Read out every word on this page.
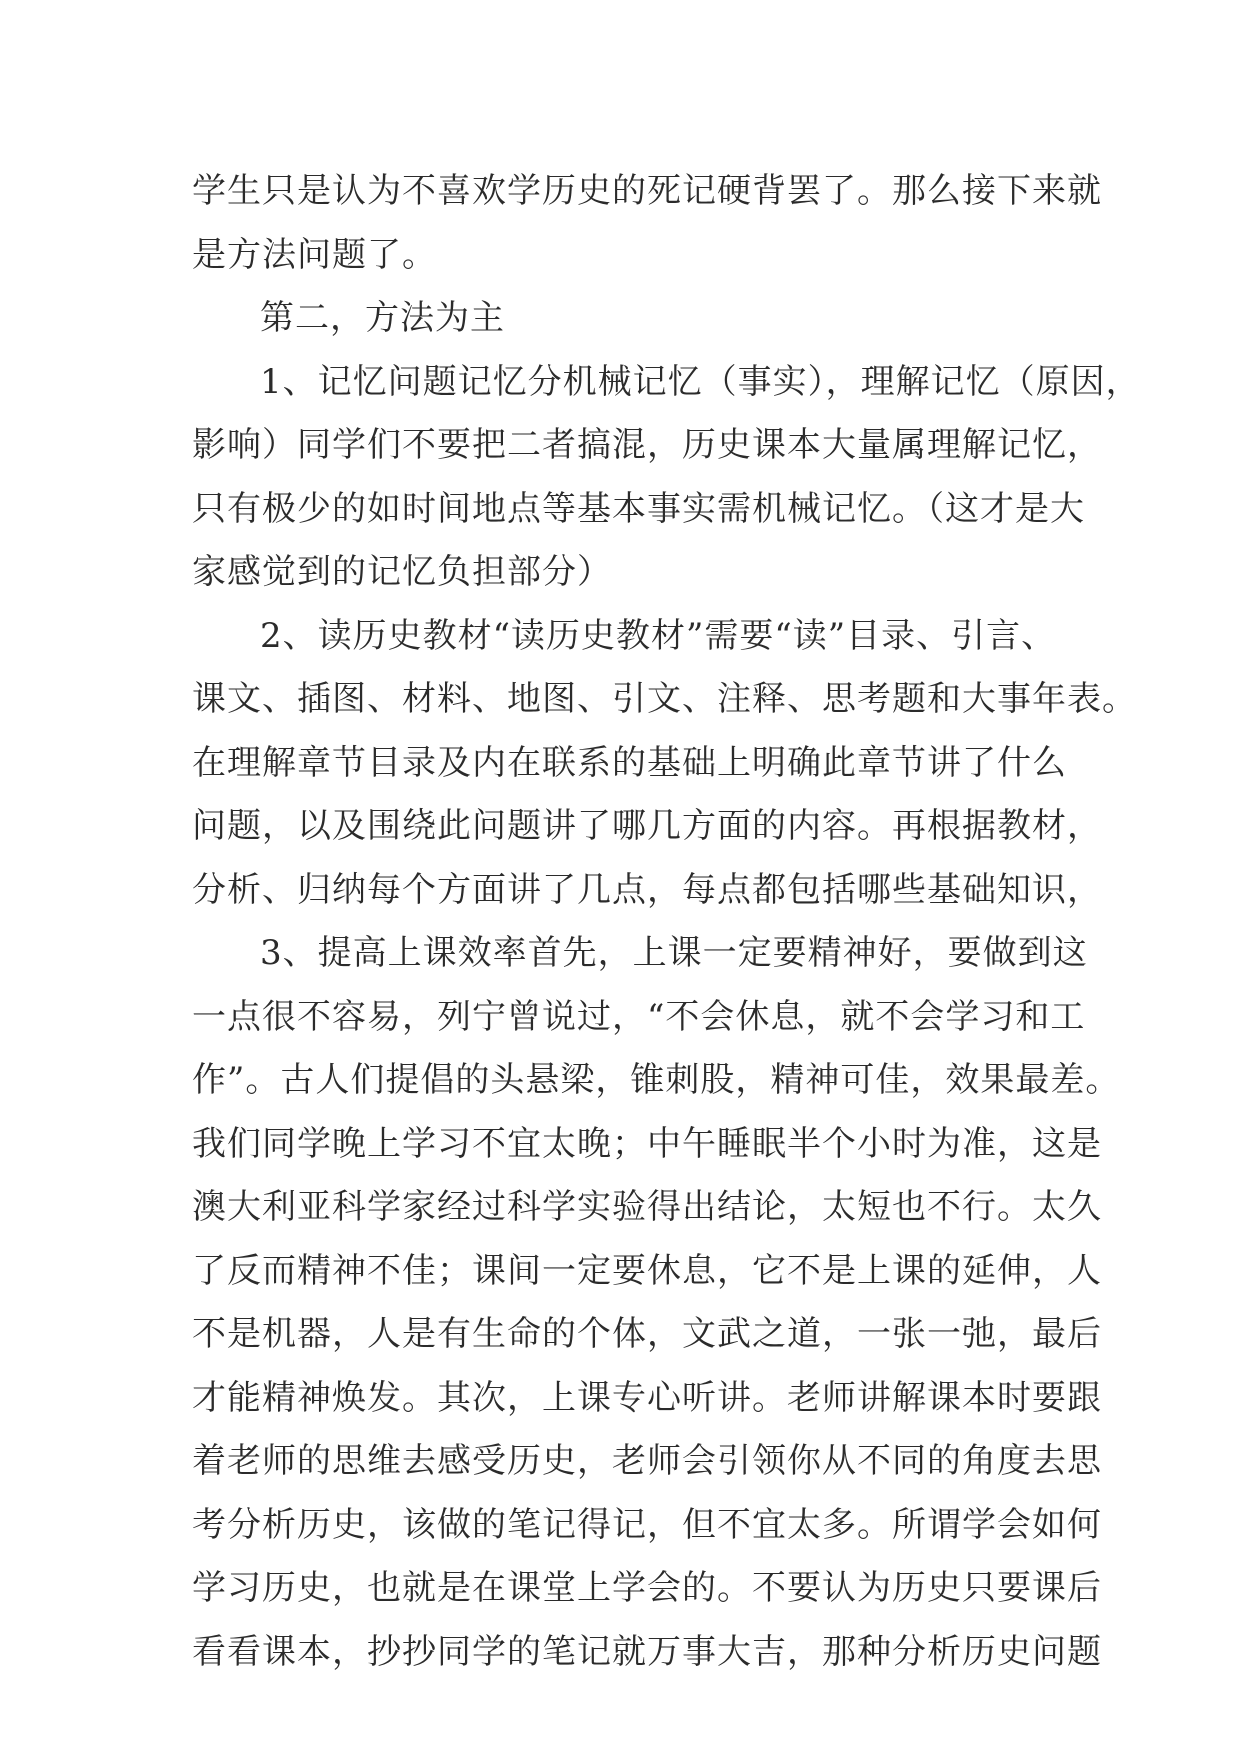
学生只是认为不喜欢学历史的死记硬背罢了。那么接下来就
是方法问题了。
第二，方法为主
1、记忆问题记忆分机械记忆（事实），理解记忆（原因，
影响）同学们不要把二者搞混，历史课本大量属理解记忆，
只有极少的如时间地点等基本事实需机械记忆。（这才是大
家感觉到的记忆负担部分）
2、读历史教材“读历史教材”需要“读”目录、引言、
课文、插图、材料、地图、引文、注释、思考题和大事年表。
在理解章节目录及内在联系的基础上明确此章节讲了什么
问题，以及围绕此问题讲了哪几方面的内容。再根据教材，
分析、归纳每个方面讲了几点，每点都包括哪些基础知识，
3、提高上课效率首先，上课一定要精神好，要做到这
一点很不容易，列宁曾说过，“不会休息，就不会学习和工
作”。古人们提倡的头悬梁，锥刺股，精神可佳，效果最差。
我们同学晚上学习不宜太晚；中午睡眠半个小时为准，这是
澳大利亚科学家经过科学实验得出结论，太短也不行。太久
了反而精神不佳；课间一定要休息，它不是上课的延伸，人
不是机器，人是有生命的个体，文武之道，一张一弛，最后
才能精神焕发。其次，上课专心听讲。老师讲解课本时要跟
着老师的思维去感受历史，老师会引领你从不同的角度去思
考分析历史，该做的笔记得记，但不宜太多。所谓学会如何
学习历史，也就是在课堂上学会的。不要认为历史只要课后
看看课本，抄抄同学的笔记就万事大吉，那种分析历史问题
